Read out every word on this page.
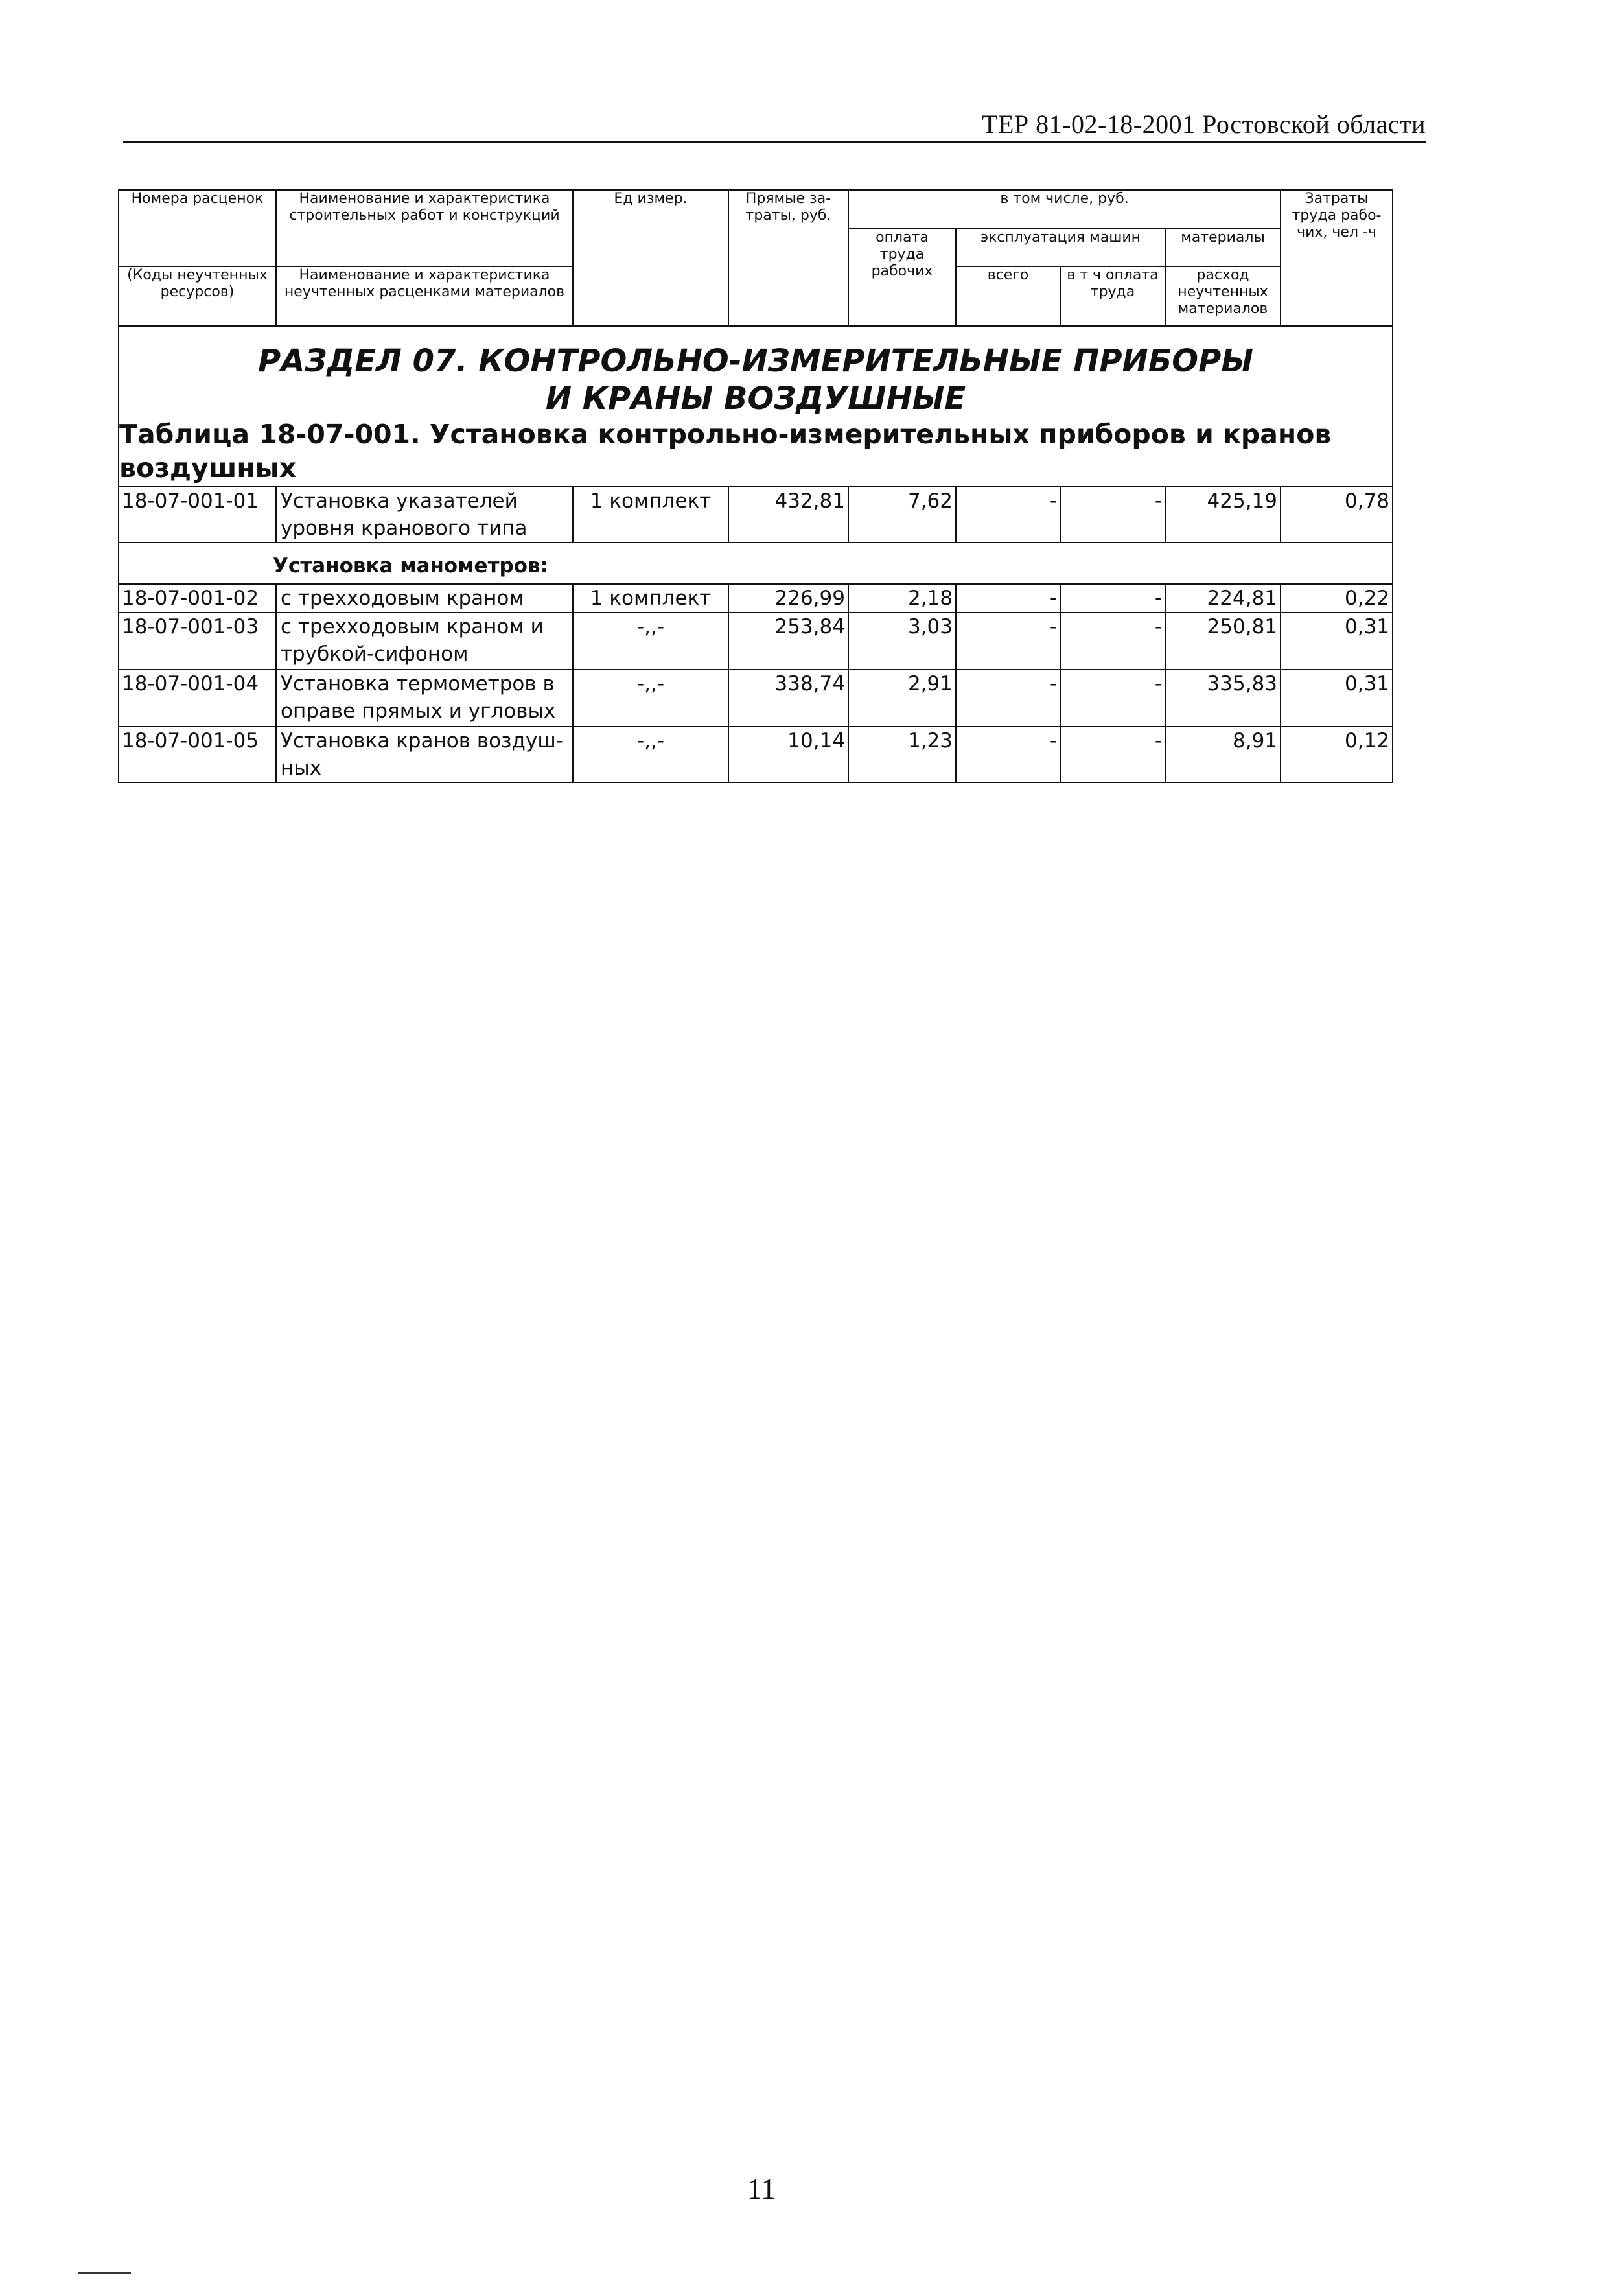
ТЕР 81-02-18-2001 Ростовской области
Номера расценок	Наименование и характеристика строительных работ и конструкций	Ед измер.	Прямые за-траты, руб.	в том числе, руб.				Затраты труда рабо-чих, чел -ч
				оплата труда рабочих	эксплуатация машин		материалы	
(Коды неучтенных ресурсов)	Наименование и характеристика неучтенных расценками материалов				всего	в т ч оплата труда	расход неучтенных материалов	

РАЗДЕЛ 07. КОНТРОЛЬНО-ИЗМЕРИТЕЛЬНЫЕ ПРИБОРЫ
И КРАНЫ ВОЗДУШНЫЕ
Таблица 18-07-001. Установка контрольно-измерительных приборов и кранов воздушных								

18-07-001-01	Установка указателей уровня кранового типа	1 комплект	432,81	7,62	-	-	425,19	0,78
Установка манометров:								
18-07-001-02	с трехходовым краном	1 комплект	226,99	2,18	-	-	224,81	0,22
18-07-001-03	с трехходовым краном и трубкой-сифоном	-,,-	253,84	3,03	-	-	250,81	0,31
18-07-001-04	Установка термометров в оправе прямых и угловых	-,,-	338,74	2,91	-	-	335,83	0,31
18-07-001-05	Установка кранов воздуш-ных	-,,-	10,14	1,23	-	-	8,91	0,12
11
